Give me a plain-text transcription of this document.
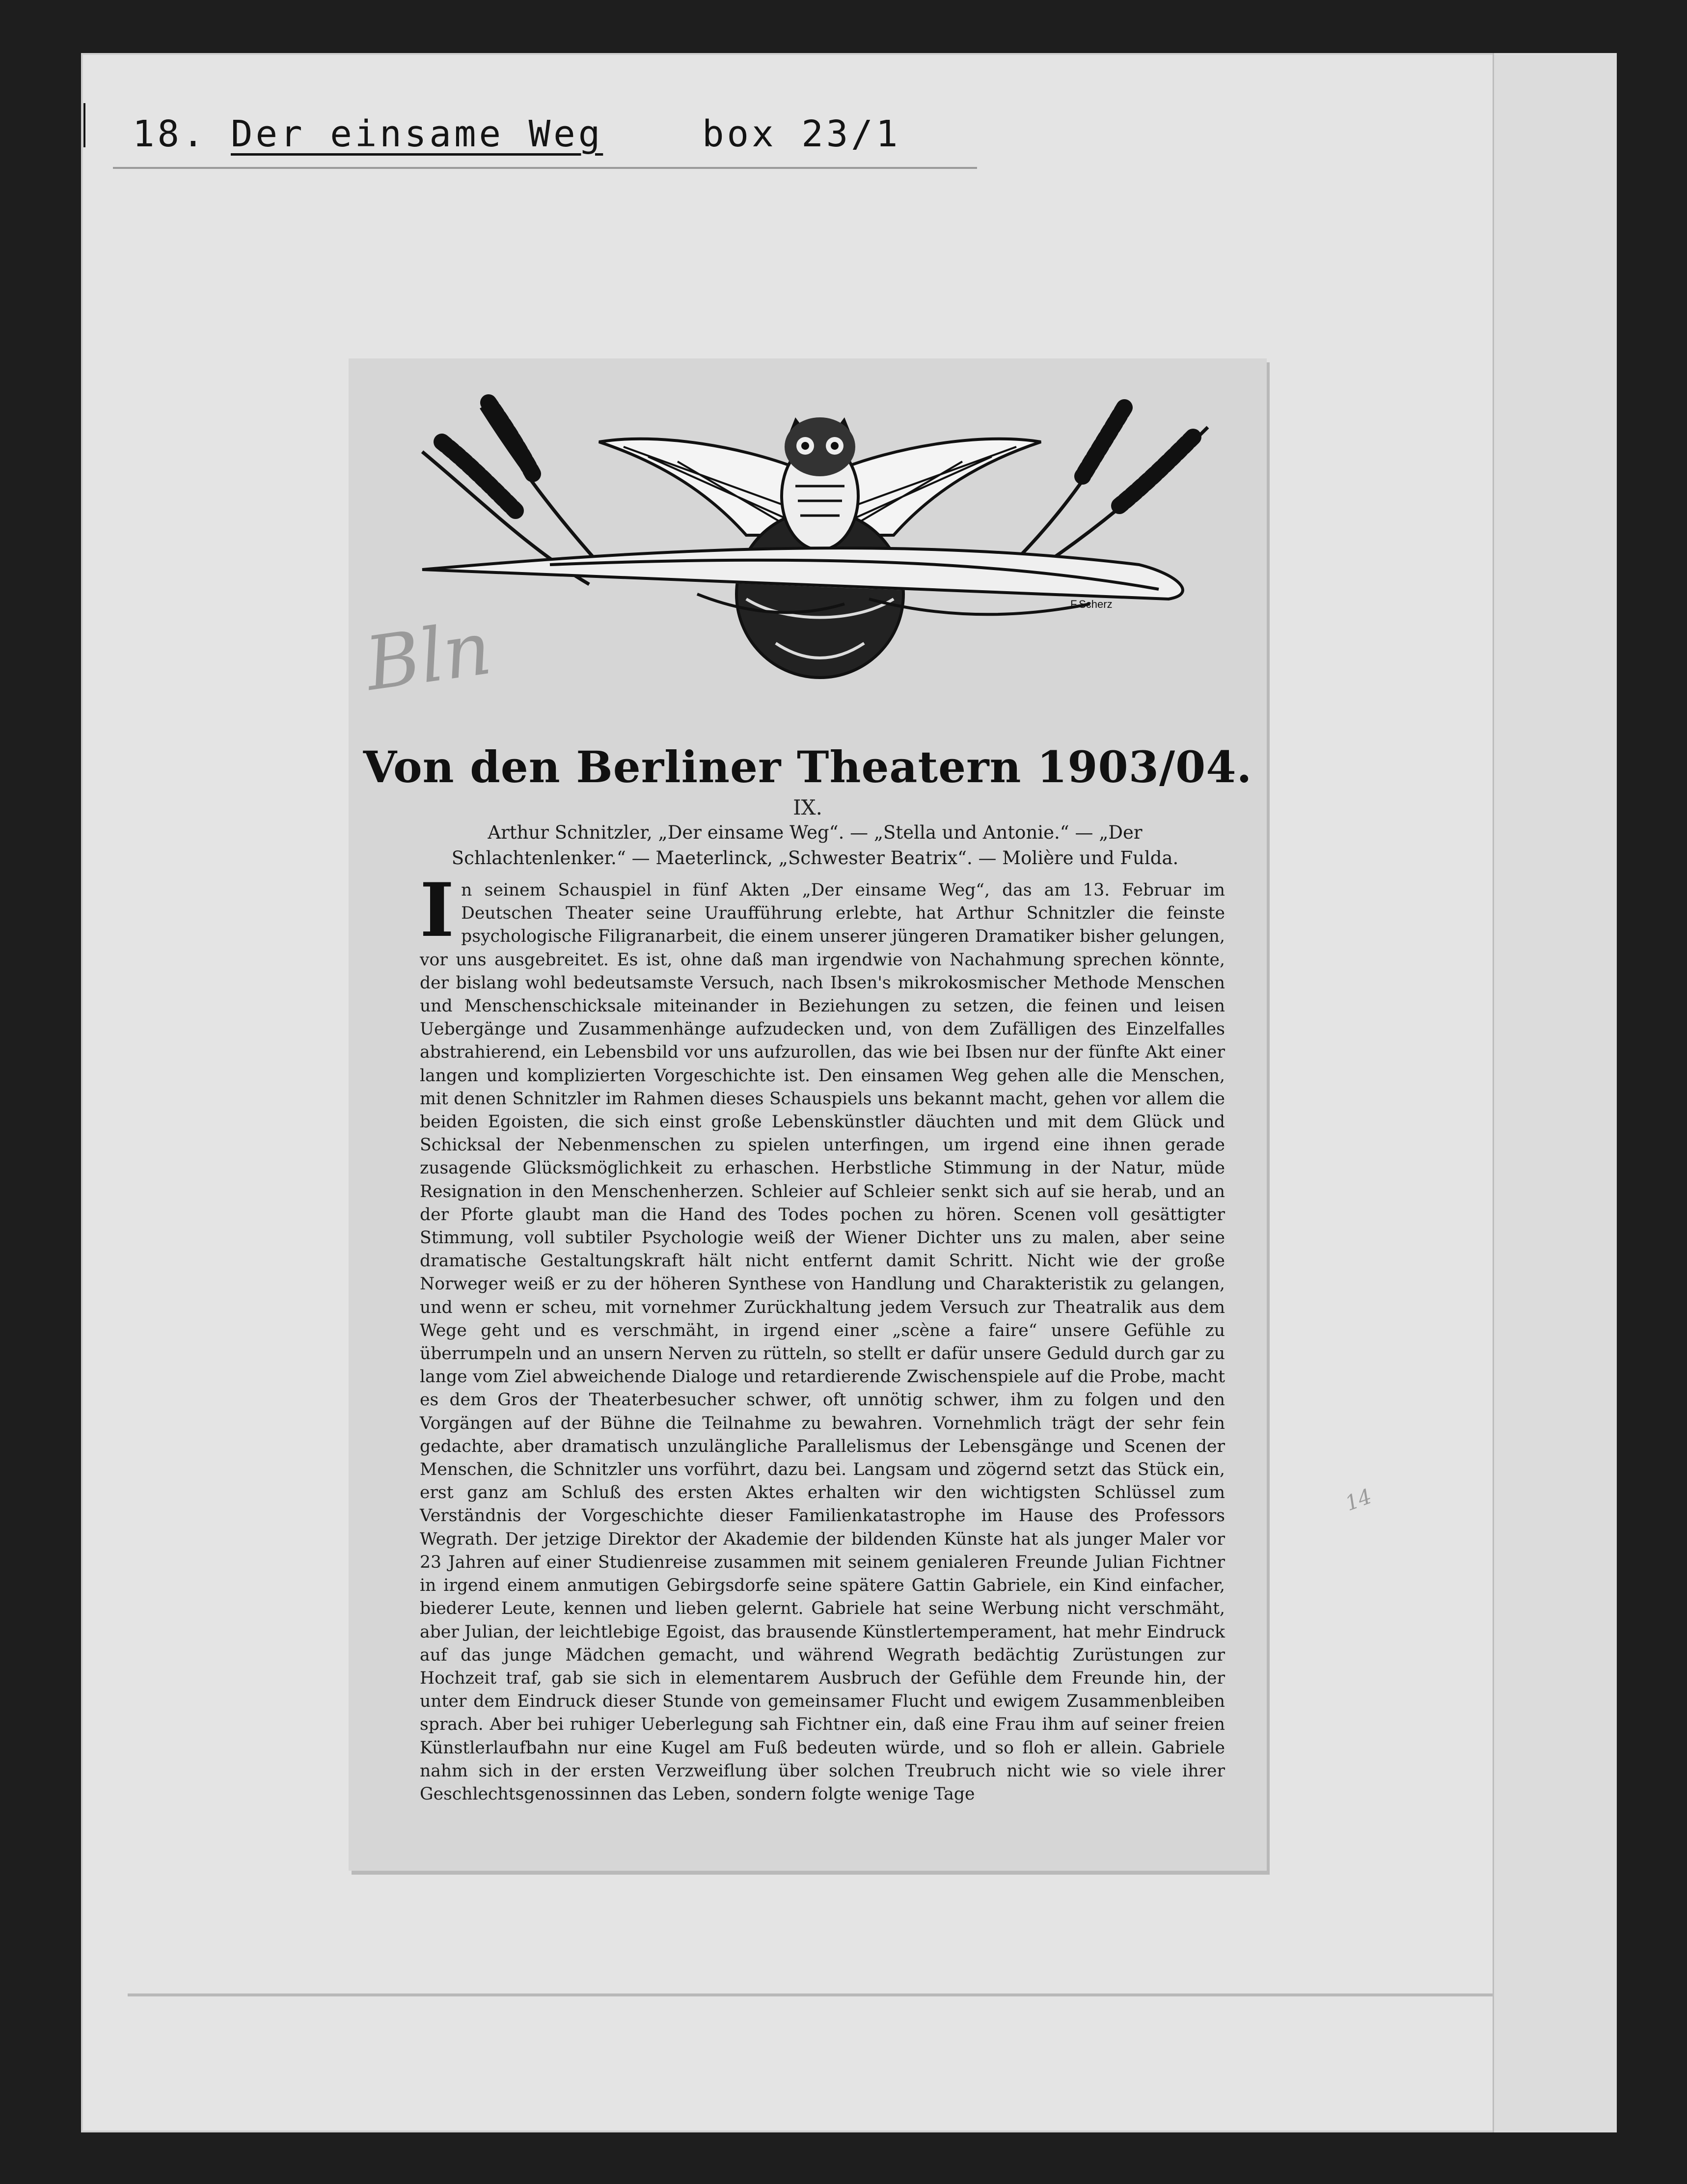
18. Der einsame Weg	box 23/1
F.Scherz
Bln
Von den Berliner Theatern 1903/04.
IX.
Arthur Schnitzler, „Der einsame Weg“. — „Stella und Antonie.“ — „Der Schlachtenlenker.“ — Maeterlinck, „Schwester Beatrix“. — Molière und Fulda.
In seinem Schauspiel in fünf Akten „Der einsame Weg“, das am 13. Februar im Deutschen Theater seine Uraufführung erlebte, hat Arthur Schnitzler die feinste psychologische Filigranarbeit, die einem unserer jüngeren Dramatiker bisher gelungen, vor uns ausgebreitet. Es ist, ohne daß man irgendwie von Nachahmung sprechen könnte, der bislang wohl bedeutsamste Versuch, nach Ibsen's mikrokosmischer Methode Menschen und Menschenschicksale miteinander in Beziehungen zu setzen, die feinen und leisen Uebergänge und Zusammenhänge aufzudecken und, von dem Zufälligen des Einzelfalles abstrahierend, ein Lebensbild vor uns aufzurollen, das wie bei Ibsen nur der fünfte Akt einer langen und komplizierten Vorgeschichte ist. Den einsamen Weg gehen alle die Menschen, mit denen Schnitzler im Rahmen dieses Schauspiels uns bekannt macht, gehen vor allem die beiden Egoisten, die sich einst große Lebenskünstler däuchten und mit dem Glück und Schicksal der Nebenmenschen zu spielen unterfingen, um irgend eine ihnen gerade zusagende Glücksmöglichkeit zu erhaschen. Herbstliche Stimmung in der Natur, müde Resignation in den Menschenherzen. Schleier auf Schleier senkt sich auf sie herab, und an der Pforte glaubt man die Hand des Todes pochen zu hören. Scenen voll gesättigter Stimmung, voll subtiler Psychologie weiß der Wiener Dichter uns zu malen, aber seine dramatische Gestaltungskraft hält nicht entfernt damit Schritt. Nicht wie der große Norweger weiß er zu der höheren Synthese von Handlung und Charakteristik zu gelangen, und wenn er scheu, mit vornehmer Zurückhaltung jedem Versuch zur Theatralik aus dem Wege geht und es verschmäht, in irgend einer „scène a faire“ unsere Gefühle zu überrumpeln und an unsern Nerven zu rütteln, so stellt er dafür unsere Geduld durch gar zu lange vom Ziel abweichende Dialoge und retardierende Zwischenspiele auf die Probe, macht es dem Gros der Theaterbesucher schwer, oft unnötig schwer, ihm zu folgen und den Vorgängen auf der Bühne die Teilnahme zu bewahren. Vornehmlich trägt der sehr fein gedachte, aber dramatisch unzulängliche Parallelismus der Lebensgänge und Scenen der Menschen, die Schnitzler uns vorführt, dazu bei. Langsam und zögernd setzt das Stück ein, erst ganz am Schluß des ersten Aktes erhalten wir den wichtigsten Schlüssel zum Verständnis der Vorgeschichte dieser Familienkatastrophe im Hause des Professors Wegrath. Der jetzige Direktor der Akademie der bildenden Künste hat als junger Maler vor 23 Jahren auf einer Studienreise zusammen mit seinem genialeren Freunde Julian Fichtner in irgend einem anmutigen Gebirgsdorfe seine spätere Gattin Gabriele, ein Kind einfacher, biederer Leute, kennen und lieben gelernt. Gabriele hat seine Werbung nicht verschmäht, aber Julian, der leichtlebige Egoist, das brausende Künstlertemperament, hat mehr Eindruck auf das junge Mädchen gemacht, und während Wegrath bedächtig Zurüstungen zur Hochzeit traf, gab sie sich in elementarem Ausbruch der Gefühle dem Freunde hin, der unter dem Eindruck dieser Stunde von gemeinsamer Flucht und ewigem Zusammenbleiben sprach. Aber bei ruhiger Ueberlegung sah Fichtner ein, daß eine Frau ihm auf seiner freien Künstlerlaufbahn nur eine Kugel am Fuß bedeuten würde, und so floh er allein. Gabriele nahm sich in der ersten Verzweiflung über solchen Treubruch nicht wie so viele ihrer Geschlechtsgenossinnen das Leben, sondern folgte wenige Tage
14
